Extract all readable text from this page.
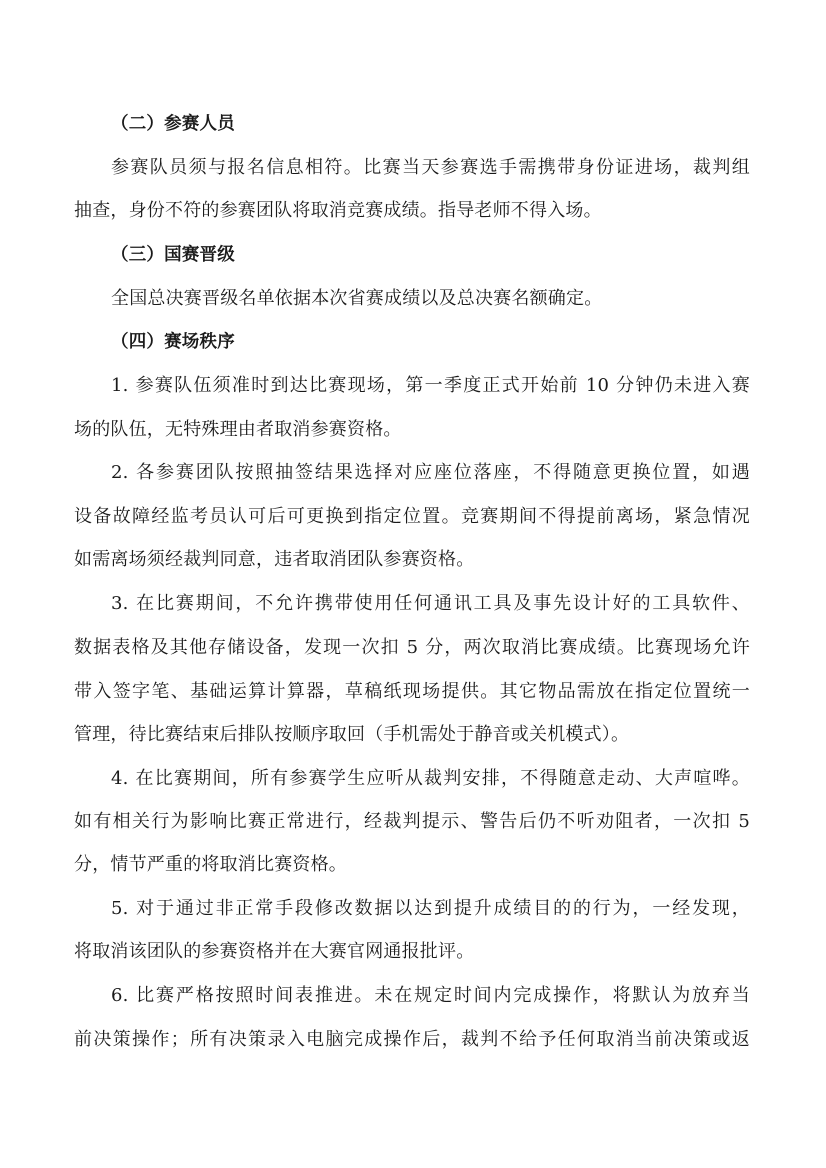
（二）参赛人员
参赛队员须与报名信息相符。比赛当天参赛选手需携带身份证进场，裁判组
抽查，身份不符的参赛团队将取消竞赛成绩。指导老师不得入场。
（三）国赛晋级
全国总决赛晋级名单依据本次省赛成绩以及总决赛名额确定。
（四）赛场秩序
1. 参赛队伍须准时到达比赛现场，第一季度正式开始前 10 分钟仍未进入赛
场的队伍，无特殊理由者取消参赛资格。
2. 各参赛团队按照抽签结果选择对应座位落座，不得随意更换位置，如遇
设备故障经监考员认可后可更换到指定位置。竞赛期间不得提前离场，紧急情况
如需离场须经裁判同意，违者取消团队参赛资格。
3. 在比赛期间，不允许携带使用任何通讯工具及事先设计好的工具软件、
数据表格及其他存储设备，发现一次扣 5 分，两次取消比赛成绩。比赛现场允许
带入签字笔、基础运算计算器，草稿纸现场提供。其它物品需放在指定位置统一
管理，待比赛结束后排队按顺序取回（手机需处于静音或关机模式）。
4. 在比赛期间，所有参赛学生应听从裁判安排，不得随意走动、大声喧哗。
如有相关行为影响比赛正常进行，经裁判提示、警告后仍不听劝阻者，一次扣 5
分，情节严重的将取消比赛资格。
5. 对于通过非正常手段修改数据以达到提升成绩目的的行为，一经发现，
将取消该团队的参赛资格并在大赛官网通报批评。
6. 比赛严格按照时间表推进。未在规定时间内完成操作，将默认为放弃当
前决策操作；所有决策录入电脑完成操作后，裁判不给予任何取消当前决策或返
